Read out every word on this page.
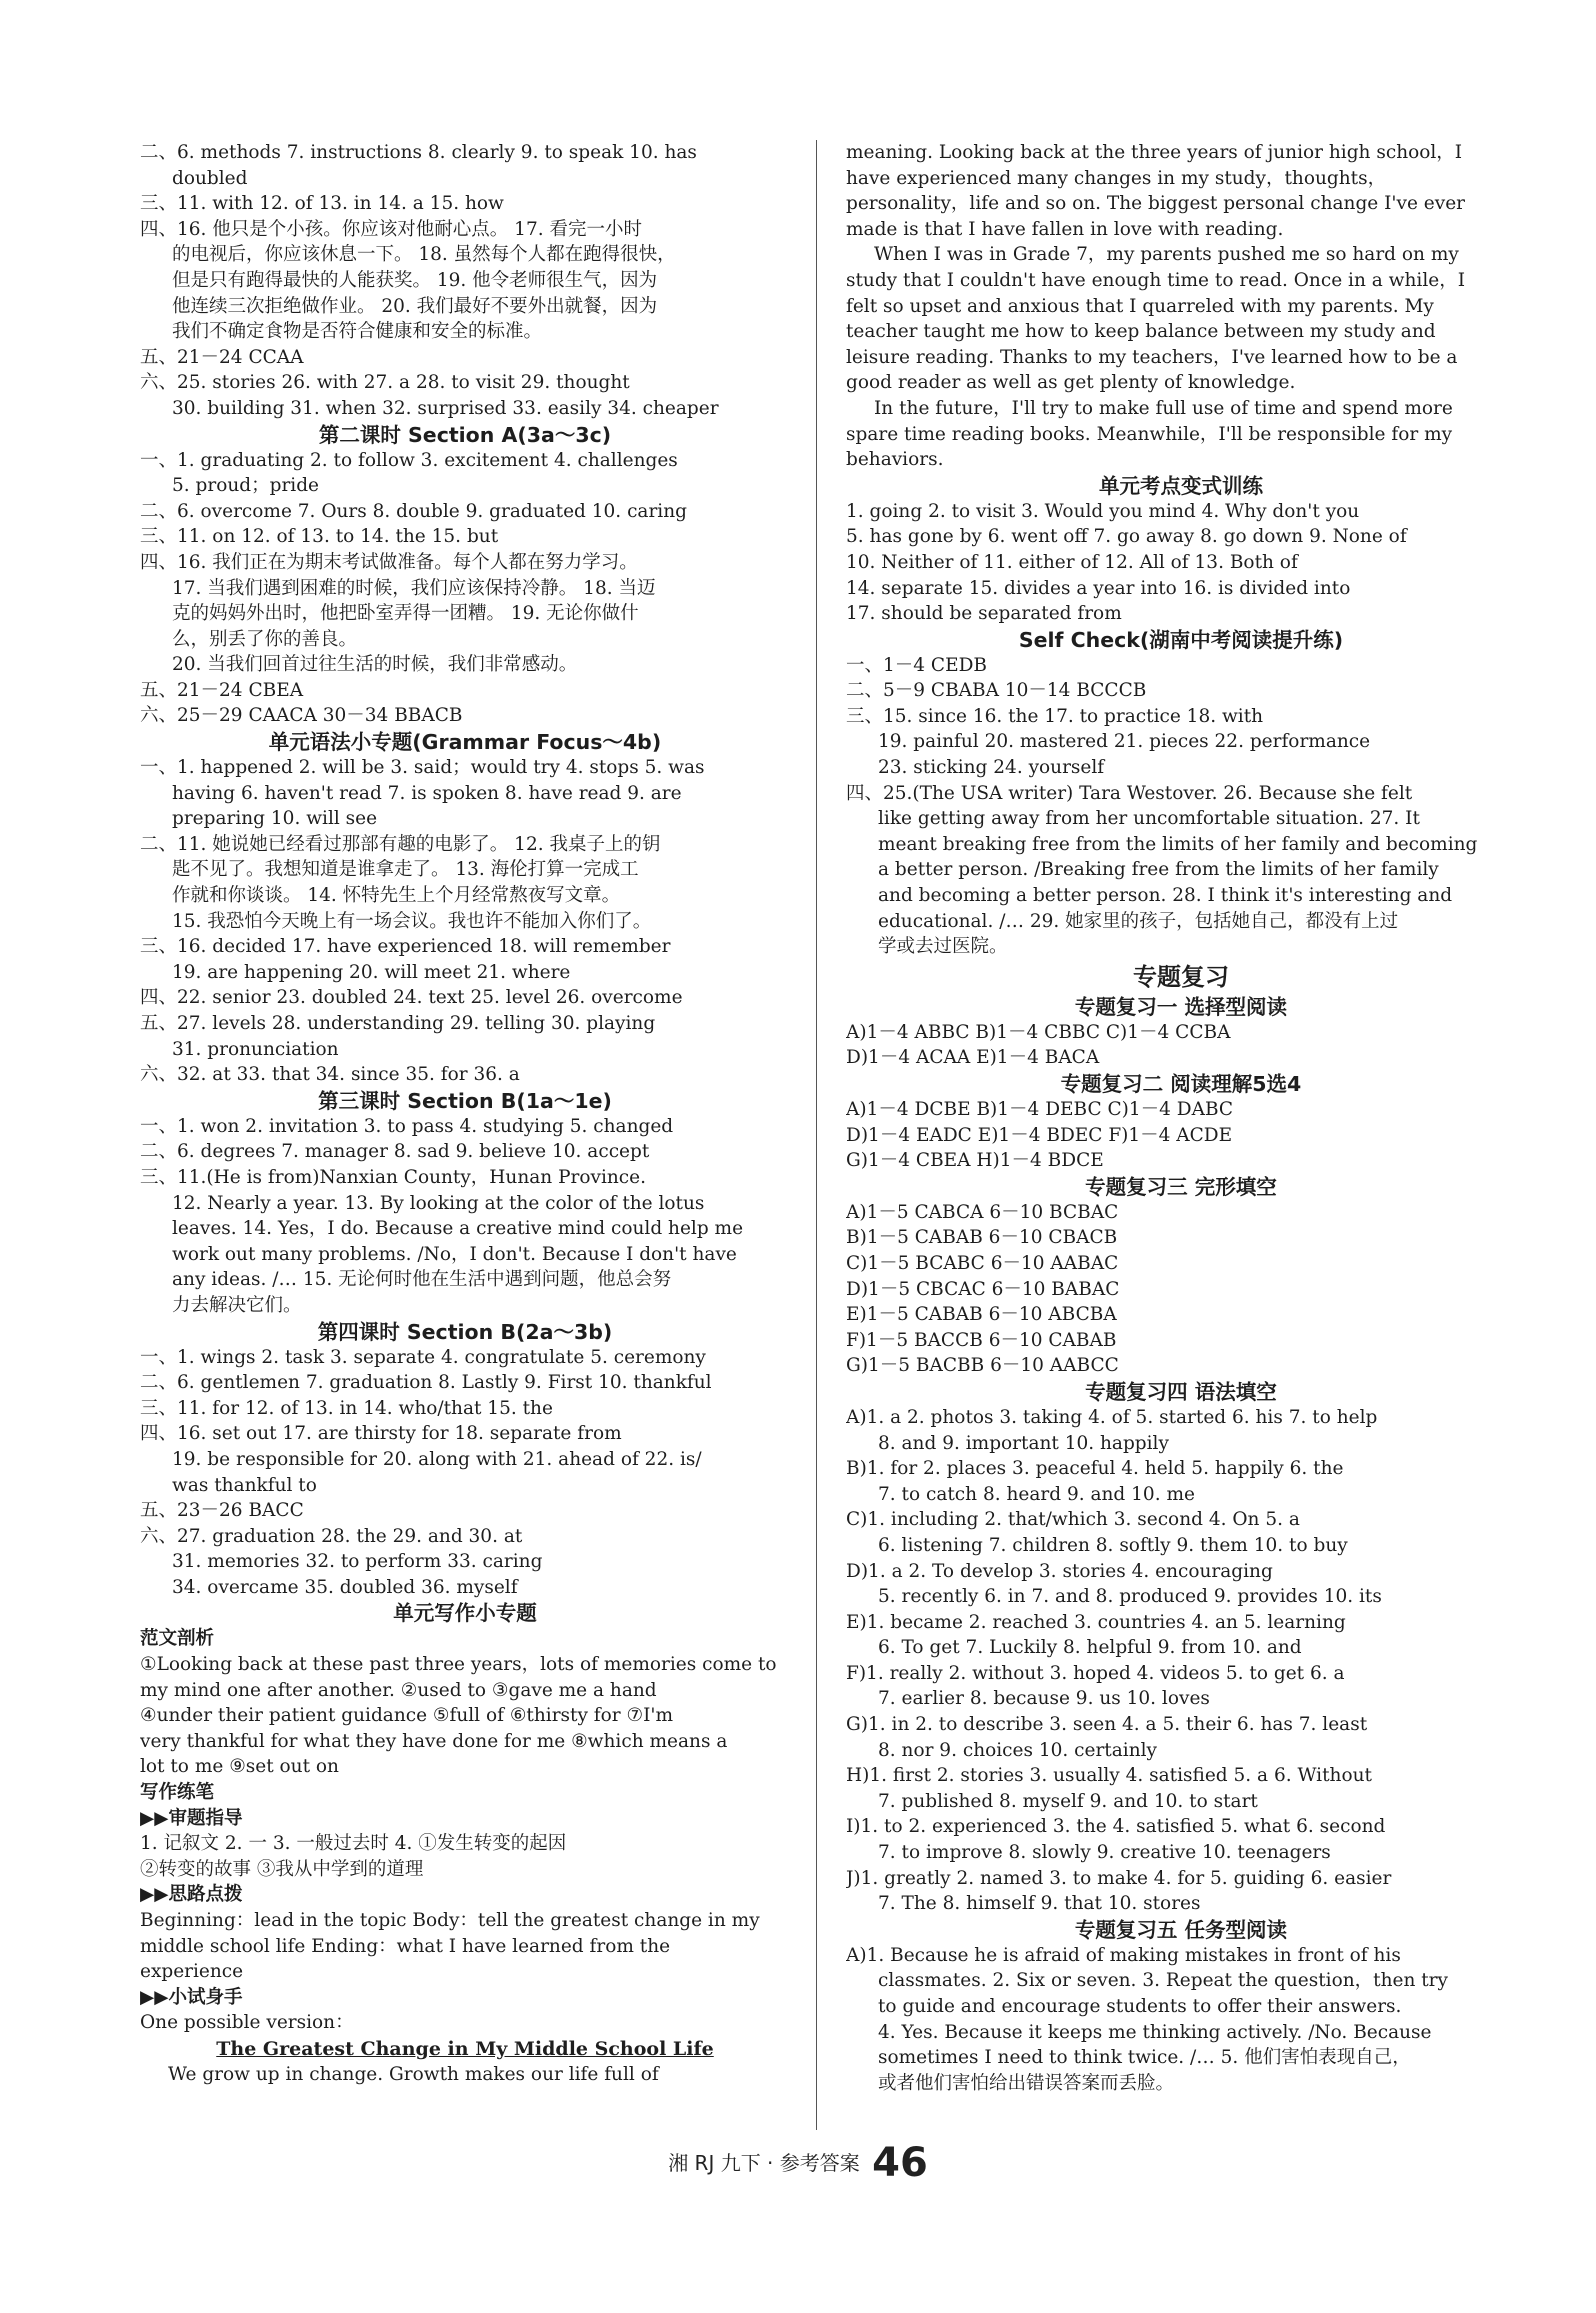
二、6. methods 7. instructions 8. clearly 9. to speak 10. has
doubled
三、11. with 12. of 13. in 14. a 15. how
四、16. 他只是个小孩。你应该对他耐心点。 17. 看完一小时
的电视后，你应该休息一下。 18. 虽然每个人都在跑得很快，
但是只有跑得最快的人能获奖。 19. 他令老师很生气，因为
他连续三次拒绝做作业。 20. 我们最好不要外出就餐，因为
我们不确定食物是否符合健康和安全的标准。
五、21－24 CCAA
六、25. stories 26. with 27. a 28. to visit 29. thought
30. building 31. when 32. surprised 33. easily 34. cheaper
第二课时 Section A(3a～3c)
一、1. graduating 2. to follow 3. excitement 4. challenges
5. proud；pride
二、6. overcome 7. Ours 8. double 9. graduated 10. caring
三、11. on 12. of 13. to 14. the 15. but
四、16. 我们正在为期末考试做准备。每个人都在努力学习。
17. 当我们遇到困难的时候，我们应该保持冷静。 18. 当迈
克的妈妈外出时，他把卧室弄得一团糟。 19. 无论你做什
么，别丢了你的善良。
20. 当我们回首过往生活的时候，我们非常感动。
五、21－24 CBEA
六、25－29 CAACA 30－34 BBACB
单元语法小专题(Grammar Focus～4b)
一、1. happened 2. will be 3. said；would try 4. stops 5. was
having 6. haven't read 7. is spoken 8. have read 9. are
preparing 10. will see
二、11. 她说她已经看过那部有趣的电影了。 12. 我桌子上的钥
匙不见了。我想知道是谁拿走了。 13. 海伦打算一完成工
作就和你谈谈。 14. 怀特先生上个月经常熬夜写文章。
15. 我恐怕今天晚上有一场会议。我也许不能加入你们了。
三、16. decided 17. have experienced 18. will remember
19. are happening 20. will meet 21. where
四、22. senior 23. doubled 24. text 25. level 26. overcome
五、27. levels 28. understanding 29. telling 30. playing
31. pronunciation
六、32. at 33. that 34. since 35. for 36. a
第三课时 Section B(1a～1e)
一、1. won 2. invitation 3. to pass 4. studying 5. changed
二、6. degrees 7. manager 8. sad 9. believe 10. accept
三、11.(He is from)Nanxian County，Hunan Province.
12. Nearly a year. 13. By looking at the color of the lotus
leaves. 14. Yes，I do. Because a creative mind could help me
work out many problems. /No，I don't. Because I don't have
any ideas. /… 15. 无论何时他在生活中遇到问题，他总会努
力去解决它们。
第四课时 Section B(2a～3b)
一、1. wings 2. task 3. separate 4. congratulate 5. ceremony
二、6. gentlemen 7. graduation 8. Lastly 9. First 10. thankful
三、11. for 12. of 13. in 14. who/that 15. the
四、16. set out 17. are thirsty for 18. separate from
19. be responsible for 20. along with 21. ahead of 22. is/
was thankful to
五、23－26 BACC
六、27. graduation 28. the 29. and 30. at
31. memories 32. to perform 33. caring
34. overcame 35. doubled 36. myself
单元写作小专题
范文剖析
①Looking back at these past three years，lots of memories come to
my mind one after another. ②used to ③gave me a hand
④under their patient guidance ⑤full of ⑥thirsty for ⑦I'm
very thankful for what they have done for me ⑧which means a
lot to me ⑨set out on
写作练笔
▶▶审题指导
1. 记叙文 2. 一 3. 一般过去时 4. ①发生转变的起因
②转变的故事 ③我从中学到的道理
▶▶思路点拨
Beginning：lead in the topic Body：tell the greatest change in my
middle school life Ending：what I have learned from the
experience
▶▶小试身手
One possible version：
The Greatest Change in My Middle School Life
We grow up in change. Growth makes our life full of
meaning. Looking back at the three years of junior high school，I
have experienced many changes in my study，thoughts，
personality，life and so on. The biggest personal change I've ever
made is that I have fallen in love with reading.
When I was in Grade 7，my parents pushed me so hard on my
study that I couldn't have enough time to read. Once in a while，I
felt so upset and anxious that I quarreled with my parents. My
teacher taught me how to keep balance between my study and
leisure reading. Thanks to my teachers，I've learned how to be a
good reader as well as get plenty of knowledge.
In the future，I'll try to make full use of time and spend more
spare time reading books. Meanwhile，I'll be responsible for my
behaviors.
单元考点变式训练
1. going 2. to visit 3. Would you mind 4. Why don't you
5. has gone by 6. went off 7. go away 8. go down 9. None of
10. Neither of 11. either of 12. All of 13. Both of
14. separate 15. divides a year into 16. is divided into
17. should be separated from
Self Check(湖南中考阅读提升练)
一、1－4 CEDB
二、5－9 CBABA 10－14 BCCCB
三、15. since 16. the 17. to practice 18. with
19. painful 20. mastered 21. pieces 22. performance
23. sticking 24. yourself
四、25.(The USA writer) Tara Westover. 26. Because she felt
like getting away from her uncomfortable situation. 27. It
meant breaking free from the limits of her family and becoming
a better person. /Breaking free from the limits of her family
and becoming a better person. 28. I think it's interesting and
educational. /… 29. 她家里的孩子，包括她自己，都没有上过
学或去过医院。
专题复习
专题复习一 选择型阅读
A)1－4 ABBC B)1－4 CBBC C)1－4 CCBA
D)1－4 ACAA E)1－4 BACA
专题复习二 阅读理解5选4
A)1－4 DCBE B)1－4 DEBC C)1－4 DABC
D)1－4 EADC E)1－4 BDEC F)1－4 ACDE
G)1－4 CBEA H)1－4 BDCE
专题复习三 完形填空
A)1－5 CABCA 6－10 BCBAC
B)1－5 CABAB 6－10 CBACB
C)1－5 BCABC 6－10 AABAC
D)1－5 CBCAC 6－10 BABAC
E)1－5 CABAB 6－10 ABCBA
F)1－5 BACCB 6－10 CABAB
G)1－5 BACBB 6－10 AABCC
专题复习四 语法填空
A)1. a 2. photos 3. taking 4. of 5. started 6. his 7. to help
8. and 9. important 10. happily
B)1. for 2. places 3. peaceful 4. held 5. happily 6. the
7. to catch 8. heard 9. and 10. me
C)1. including 2. that/which 3. second 4. On 5. a
6. listening 7. children 8. softly 9. them 10. to buy
D)1. a 2. To develop 3. stories 4. encouraging
5. recently 6. in 7. and 8. produced 9. provides 10. its
E)1. became 2. reached 3. countries 4. an 5. learning
6. To get 7. Luckily 8. helpful 9. from 10. and
F)1. really 2. without 3. hoped 4. videos 5. to get 6. a
7. earlier 8. because 9. us 10. loves
G)1. in 2. to describe 3. seen 4. a 5. their 6. has 7. least
8. nor 9. choices 10. certainly
H)1. first 2. stories 3. usually 4. satisfied 5. a 6. Without
7. published 8. myself 9. and 10. to start
I)1. to 2. experienced 3. the 4. satisfied 5. what 6. second
7. to improve 8. slowly 9. creative 10. teenagers
J)1. greatly 2. named 3. to make 4. for 5. guiding 6. easier
7. The 8. himself 9. that 10. stores
专题复习五 任务型阅读
A)1. Because he is afraid of making mistakes in front of his
classmates. 2. Six or seven. 3. Repeat the question，then try
to guide and encourage students to offer their answers.
4. Yes. Because it keeps me thinking actively. /No. Because
sometimes I need to think twice. /… 5. 他们害怕表现自己，
或者他们害怕给出错误答案而丢脸。
湘 RJ 九下 · 参考答案 46
